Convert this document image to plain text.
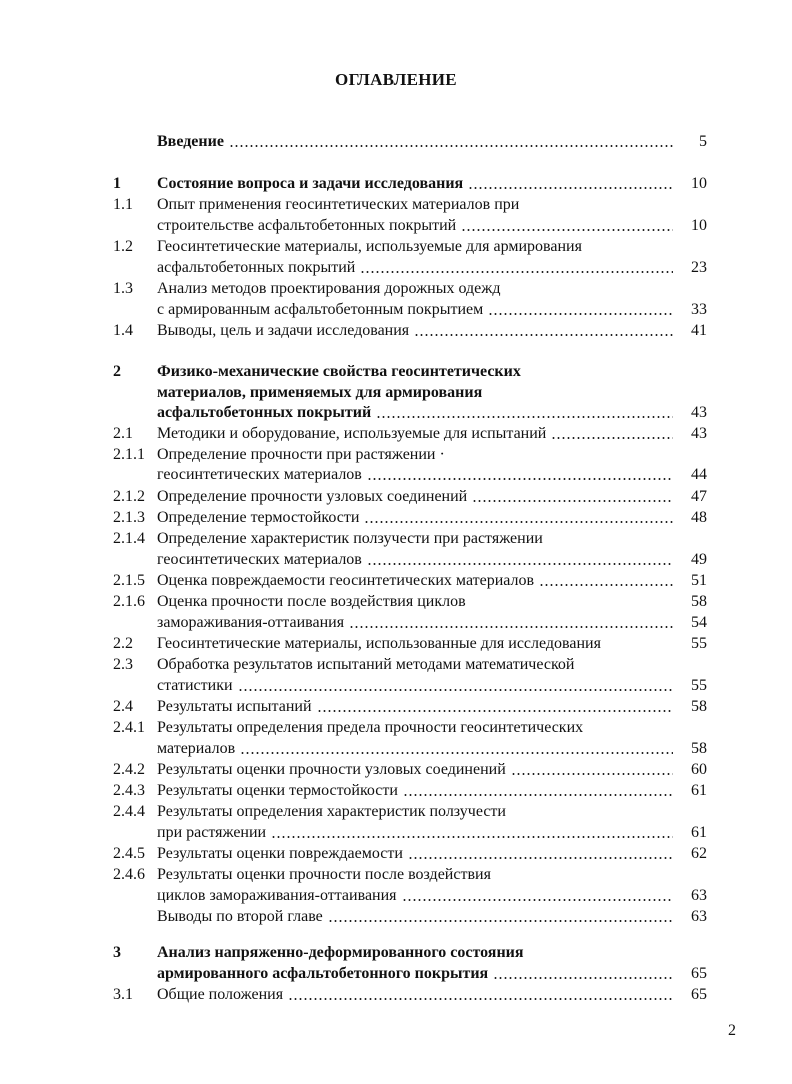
ОГЛАВЛЕНИЕ
Введение	5
1 Состояние вопроса и задачи исследования	10
1.1 Опыт применения геосинтетических материалов при
строительстве асфальтобетонных покрытий	10
1.2 Геосинтетические материалы, используемые для армирования
асфальтобетонных покрытий	23
1.3 Анализ методов проектирования дорожных одежд
с армированным асфальтобетонным покрытием	33
1.4 Выводы, цель и задачи исследования	41
2 Физико-механические свойства геосинтетических
материалов, применяемых для армирования
асфальтобетонных покрытий	43
2.1 Методики и оборудование, используемые для испытаний	43
2.1.1 Определение прочности при растяжении ·
геосинтетических материалов	44
2.1.2 Определение прочности узловых соединений	47
2.1.3 Определение термостойкости	48
2.1.4 Определение характеристик ползучести при растяжении
геосинтетических материалов	49
2.1.5 Оценка повреждаемости геосинтетических материалов	51
2.1.6 Оценка прочности после воздействия циклов	58
замораживания-оттаивания	54
2.2 Геосинтетические материалы, использованные для исследования	55
2.3 Обработка результатов испытаний методами математической
статистики	55
2.4 Результаты испытаний	58
2.4.1 Результаты определения предела прочности геосинтетических
материалов	58
2.4.2 Результаты оценки прочности узловых соединений	60
2.4.3 Результаты оценки термостойкости	61
2.4.4 Результаты определения характеристик ползучести
при растяжении	61
2.4.5 Результаты оценки повреждаемости	62
2.4.6 Результаты оценки прочности после воздействия
циклов замораживания-оттаивания	63
Выводы по второй главе	63
3 Анализ напряженно-деформированного состояния
армированного асфальтобетонного покрытия	65
3.1 Общие положения	65
2
